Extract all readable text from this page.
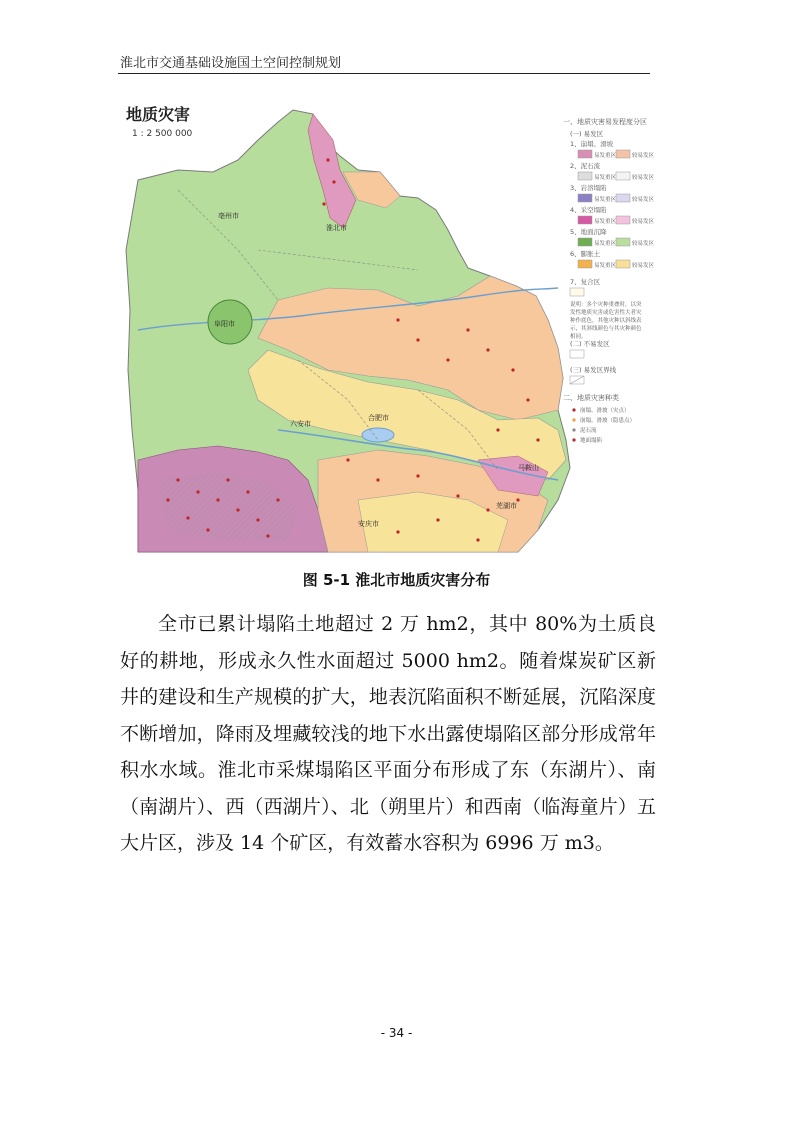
淮北市交通基础设施国土空间控制规划
地质灾害
1 : 2 500 000
亳州市
淮北市
阜阳市
合肥市
六安市
安庆市
芜湖市
马鞍山
一、地质灾害易发程度分区
(一) 易发区
1、崩塌、滑坡
易发重区	较易发区
2、泥石流
易发重区	较易发区
3、岩溶塌陷
易发重区	较易发区
4、采空塌陷
易发重区	较易发区
5、地面沉降
易发重区	较易发区
6、膨胀土
易发重区	较易发区
7、复合区
说明：多个灾种重叠时，以突发性地质灾害或危害性大者灾种作底色，其他灾种以斜线表示，其斜线颜色与其灾种颜色相同。
(二) 不易发区
(三) 易发区界线
二、地质灾害种类
崩塌、滑坡（灾点）
崩塌、滑坡（隐患点）
泥石流
地面塌陷
图 5-1 淮北市地质灾害分布

全市已累计塌陷土地超过 2 万 hm2，其中 80%为土质良好的耕地，形成永久性水面超过 5000 hm2。随着煤炭矿区新井的建设和生产规模的扩大，地表沉陷面积不断延展，沉陷深度不断增加，降雨及埋藏较浅的地下水出露使塌陷区部分形成常年积水水域。淮北市采煤塌陷区平面分布形成了东（东湖片）、南（南湖片）、西（西湖片）、北（朔里片）和西南（临海童片）五大片区，涉及 14 个矿区，有效蓄水容积为 6996 万 m3。

- 34 -
